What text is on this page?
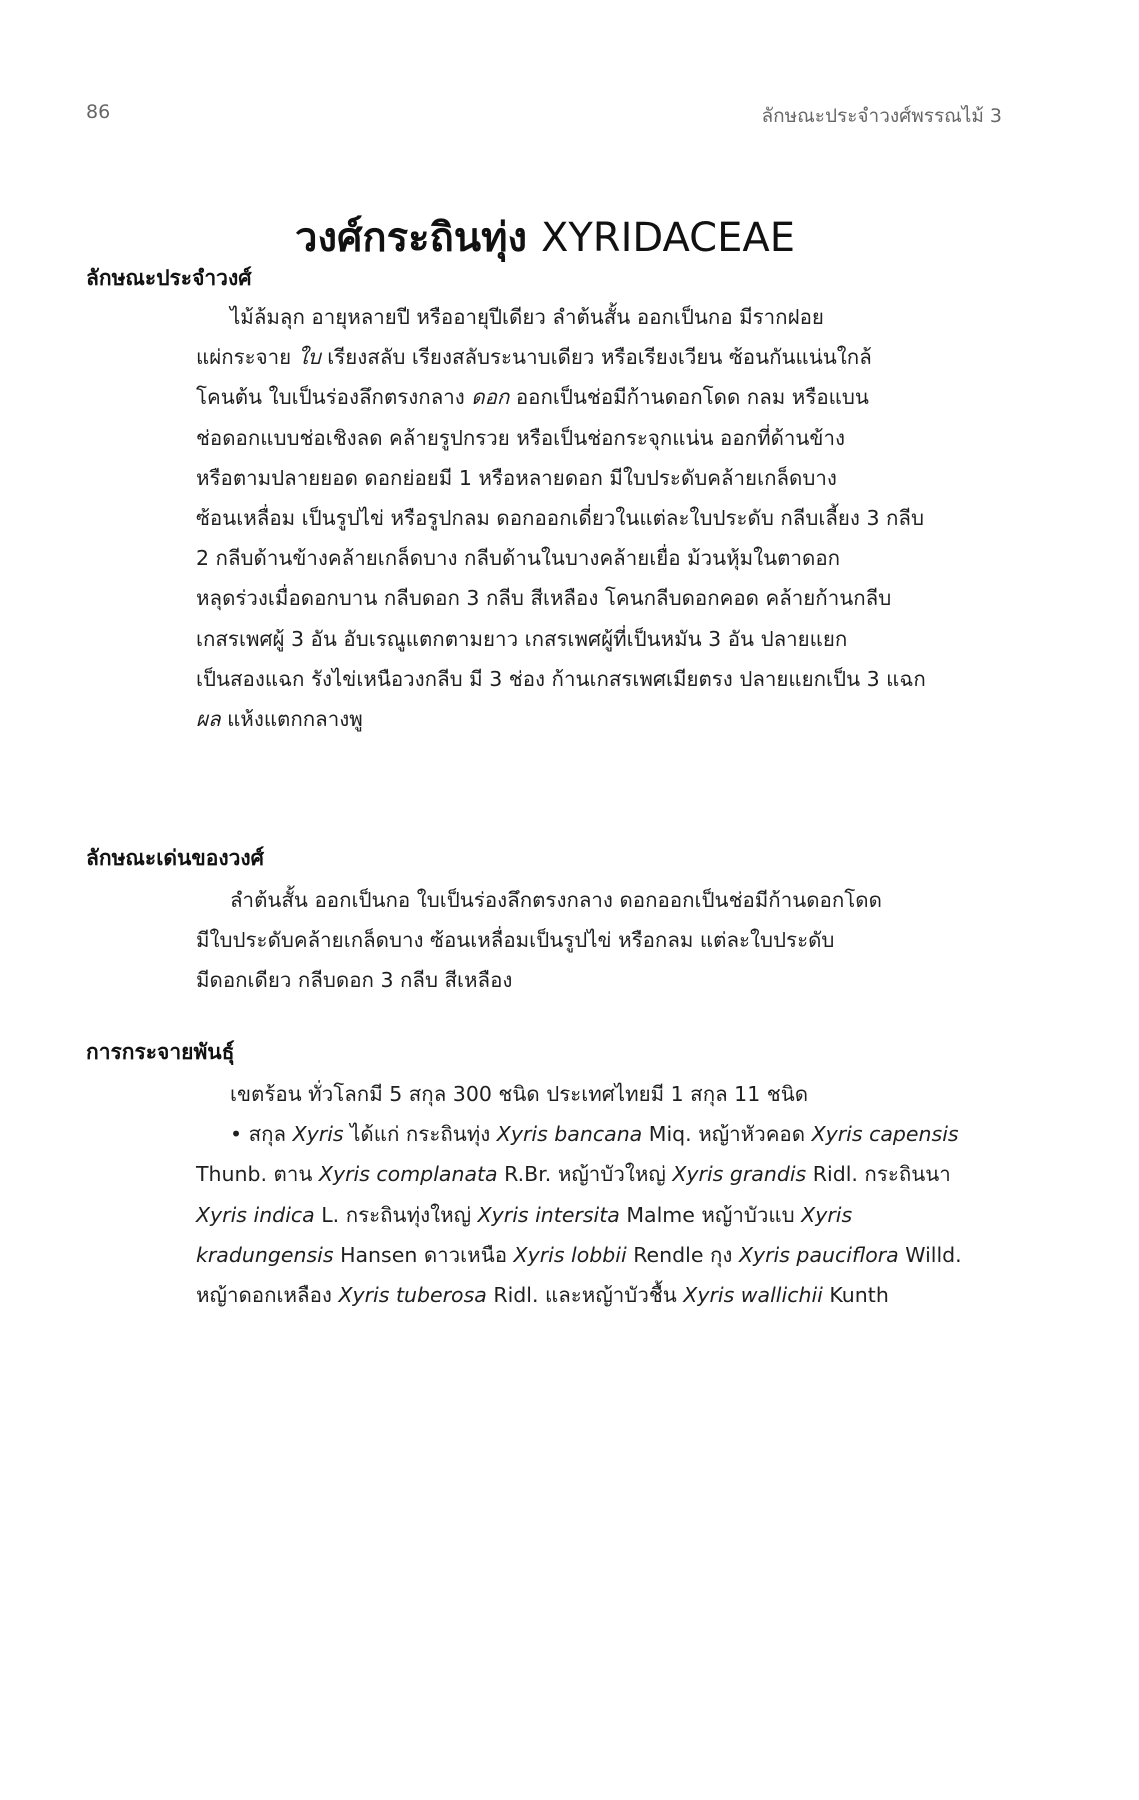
86	ลักษณะประจำวงศ์พรรณไม้ 3
วงศ์กระถินทุ่ง XYRIDACEAE
ลักษณะประจำวงศ์
ไม้ล้มลุก อายุหลายปี หรืออายุปีเดียว ลำต้นสั้น ออกเป็นกอ มีรากฝอย
แผ่กระจาย ใบ เรียงสลับ เรียงสลับระนาบเดียว หรือเรียงเวียน ซ้อนกันแน่นใกล้
โคนต้น ใบเป็นร่องลึกตรงกลาง ดอก ออกเป็นช่อมีก้านดอกโดด กลม หรือแบน
ช่อดอกแบบช่อเชิงลด คล้ายรูปกรวย หรือเป็นช่อกระจุกแน่น ออกที่ด้านข้าง
หรือตามปลายยอด ดอกย่อยมี 1 หรือหลายดอก มีใบประดับคล้ายเกล็ดบาง
ซ้อนเหลื่อม เป็นรูปไข่ หรือรูปกลม ดอกออกเดี่ยวในแต่ละใบประดับ กลีบเลี้ยง 3 กลีบ
2 กลีบด้านข้างคล้ายเกล็ดบาง กลีบด้านในบางคล้ายเยื่อ ม้วนหุ้มในตาดอก
หลุดร่วงเมื่อดอกบาน กลีบดอก 3 กลีบ สีเหลือง โคนกลีบดอกคอด คล้ายก้านกลีบ
เกสรเพศผู้ 3 อัน อับเรณูแตกตามยาว เกสรเพศผู้ที่เป็นหมัน 3 อัน ปลายแยก
เป็นสองแฉก รังไข่เหนือวงกลีบ มี 3 ช่อง ก้านเกสรเพศเมียตรง ปลายแยกเป็น 3 แฉก
ผล แห้งแตกกลางพู
ลักษณะเด่นของวงศ์
ลำต้นสั้น ออกเป็นกอ ใบเป็นร่องลึกตรงกลาง ดอกออกเป็นช่อมีก้านดอกโดด
มีใบประดับคล้ายเกล็ดบาง ซ้อนเหลื่อมเป็นรูปไข่ หรือกลม แต่ละใบประดับ
มีดอกเดียว กลีบดอก 3 กลีบ สีเหลือง
การกระจายพันธุ์
เขตร้อน ทั่วโลกมี 5 สกุล 300 ชนิด ประเทศไทยมี 1 สกุล 11 ชนิด
• สกุล Xyris ได้แก่ กระถินทุ่ง Xyris bancana Miq. หญ้าหัวคอด Xyris capensis
Thunb. ตาน Xyris complanata R.Br. หญ้าบัวใหญ่ Xyris grandis Ridl. กระถินนา
Xyris indica L. กระถินทุ่งใหญ่ Xyris intersita Malme หญ้าบัวแบ Xyris
kradungensis Hansen ดาวเหนือ Xyris lobbii Rendle กุง Xyris pauciflora Willd.
หญ้าดอกเหลือง Xyris tuberosa Ridl. และหญ้าบัวชื้น Xyris wallichii Kunth
